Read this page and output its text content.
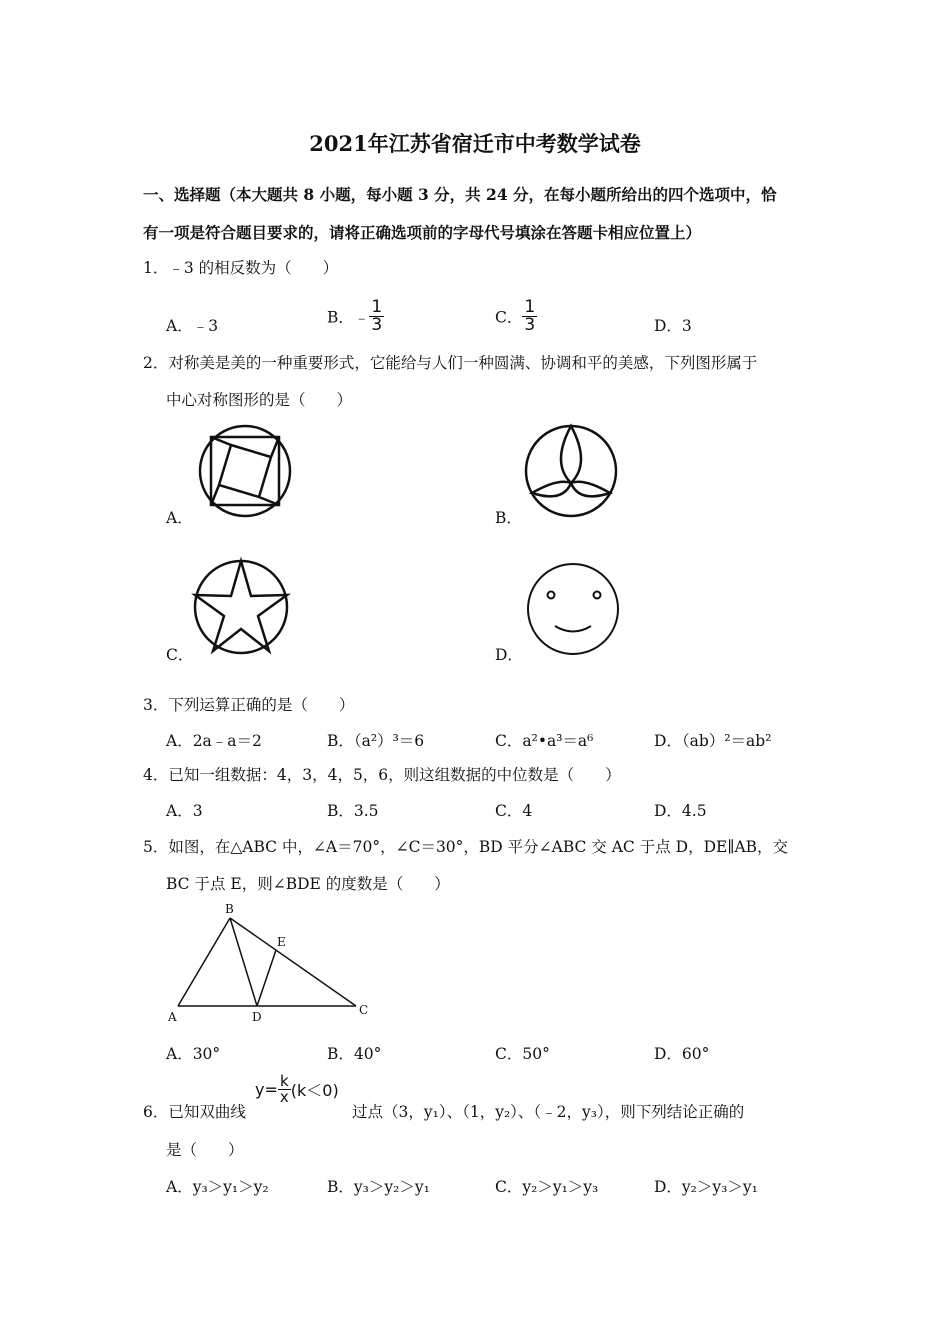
2021年江苏省宿迁市中考数学试卷
一、选择题（本大题共 8 小题，每小题 3 分，共 24 分，在每小题所给出的四个选项中，恰
有一项是符合题目要求的，请将正确选项前的字母代号填涂在答题卡相应位置上）
1．﹣3 的相反数为（　　）
A．﹣3	B．﹣ $\frac{1}{3}$	C． $\frac{1}{3}$	D．3
2．对称美是美的一种重要形式，它能给与人们一种圆满、协调和平的美感，下列图形属于
中心对称图形的是（　　）
A．	B．
C．	D．
3．下列运算正确的是（　　）
A．2a﹣a＝2	B．（a²）³＝6	C．a²•a³＝a⁶	D．（ab）²＝ab²
4．已知一组数据：4，3，4，5，6，则这组数据的中位数是（　　）
A．3	B．3.5	C．4	D．4.5
5．如图，在△ABC 中，∠A＝70°，∠C＝30°，BD 平分∠ABC 交 AC 于点 D，DE∥AB，交
BC 于点 E，则∠BDE 的度数是（　　）
B
E
A	D	C
A．30°	B．40°	C．50°	D．60°
6．已知双曲线
$y= \frac{k}{x} (k<0)$
过点（3，y₁）、（1，y₂）、（﹣2，y₃），则下列结论正确的
是（　　）
A．y₃＞y₁＞y₂	B．y₃＞y₂＞y₁	C．y₂＞y₁＞y₃	D．y₂＞y₃＞y₁
